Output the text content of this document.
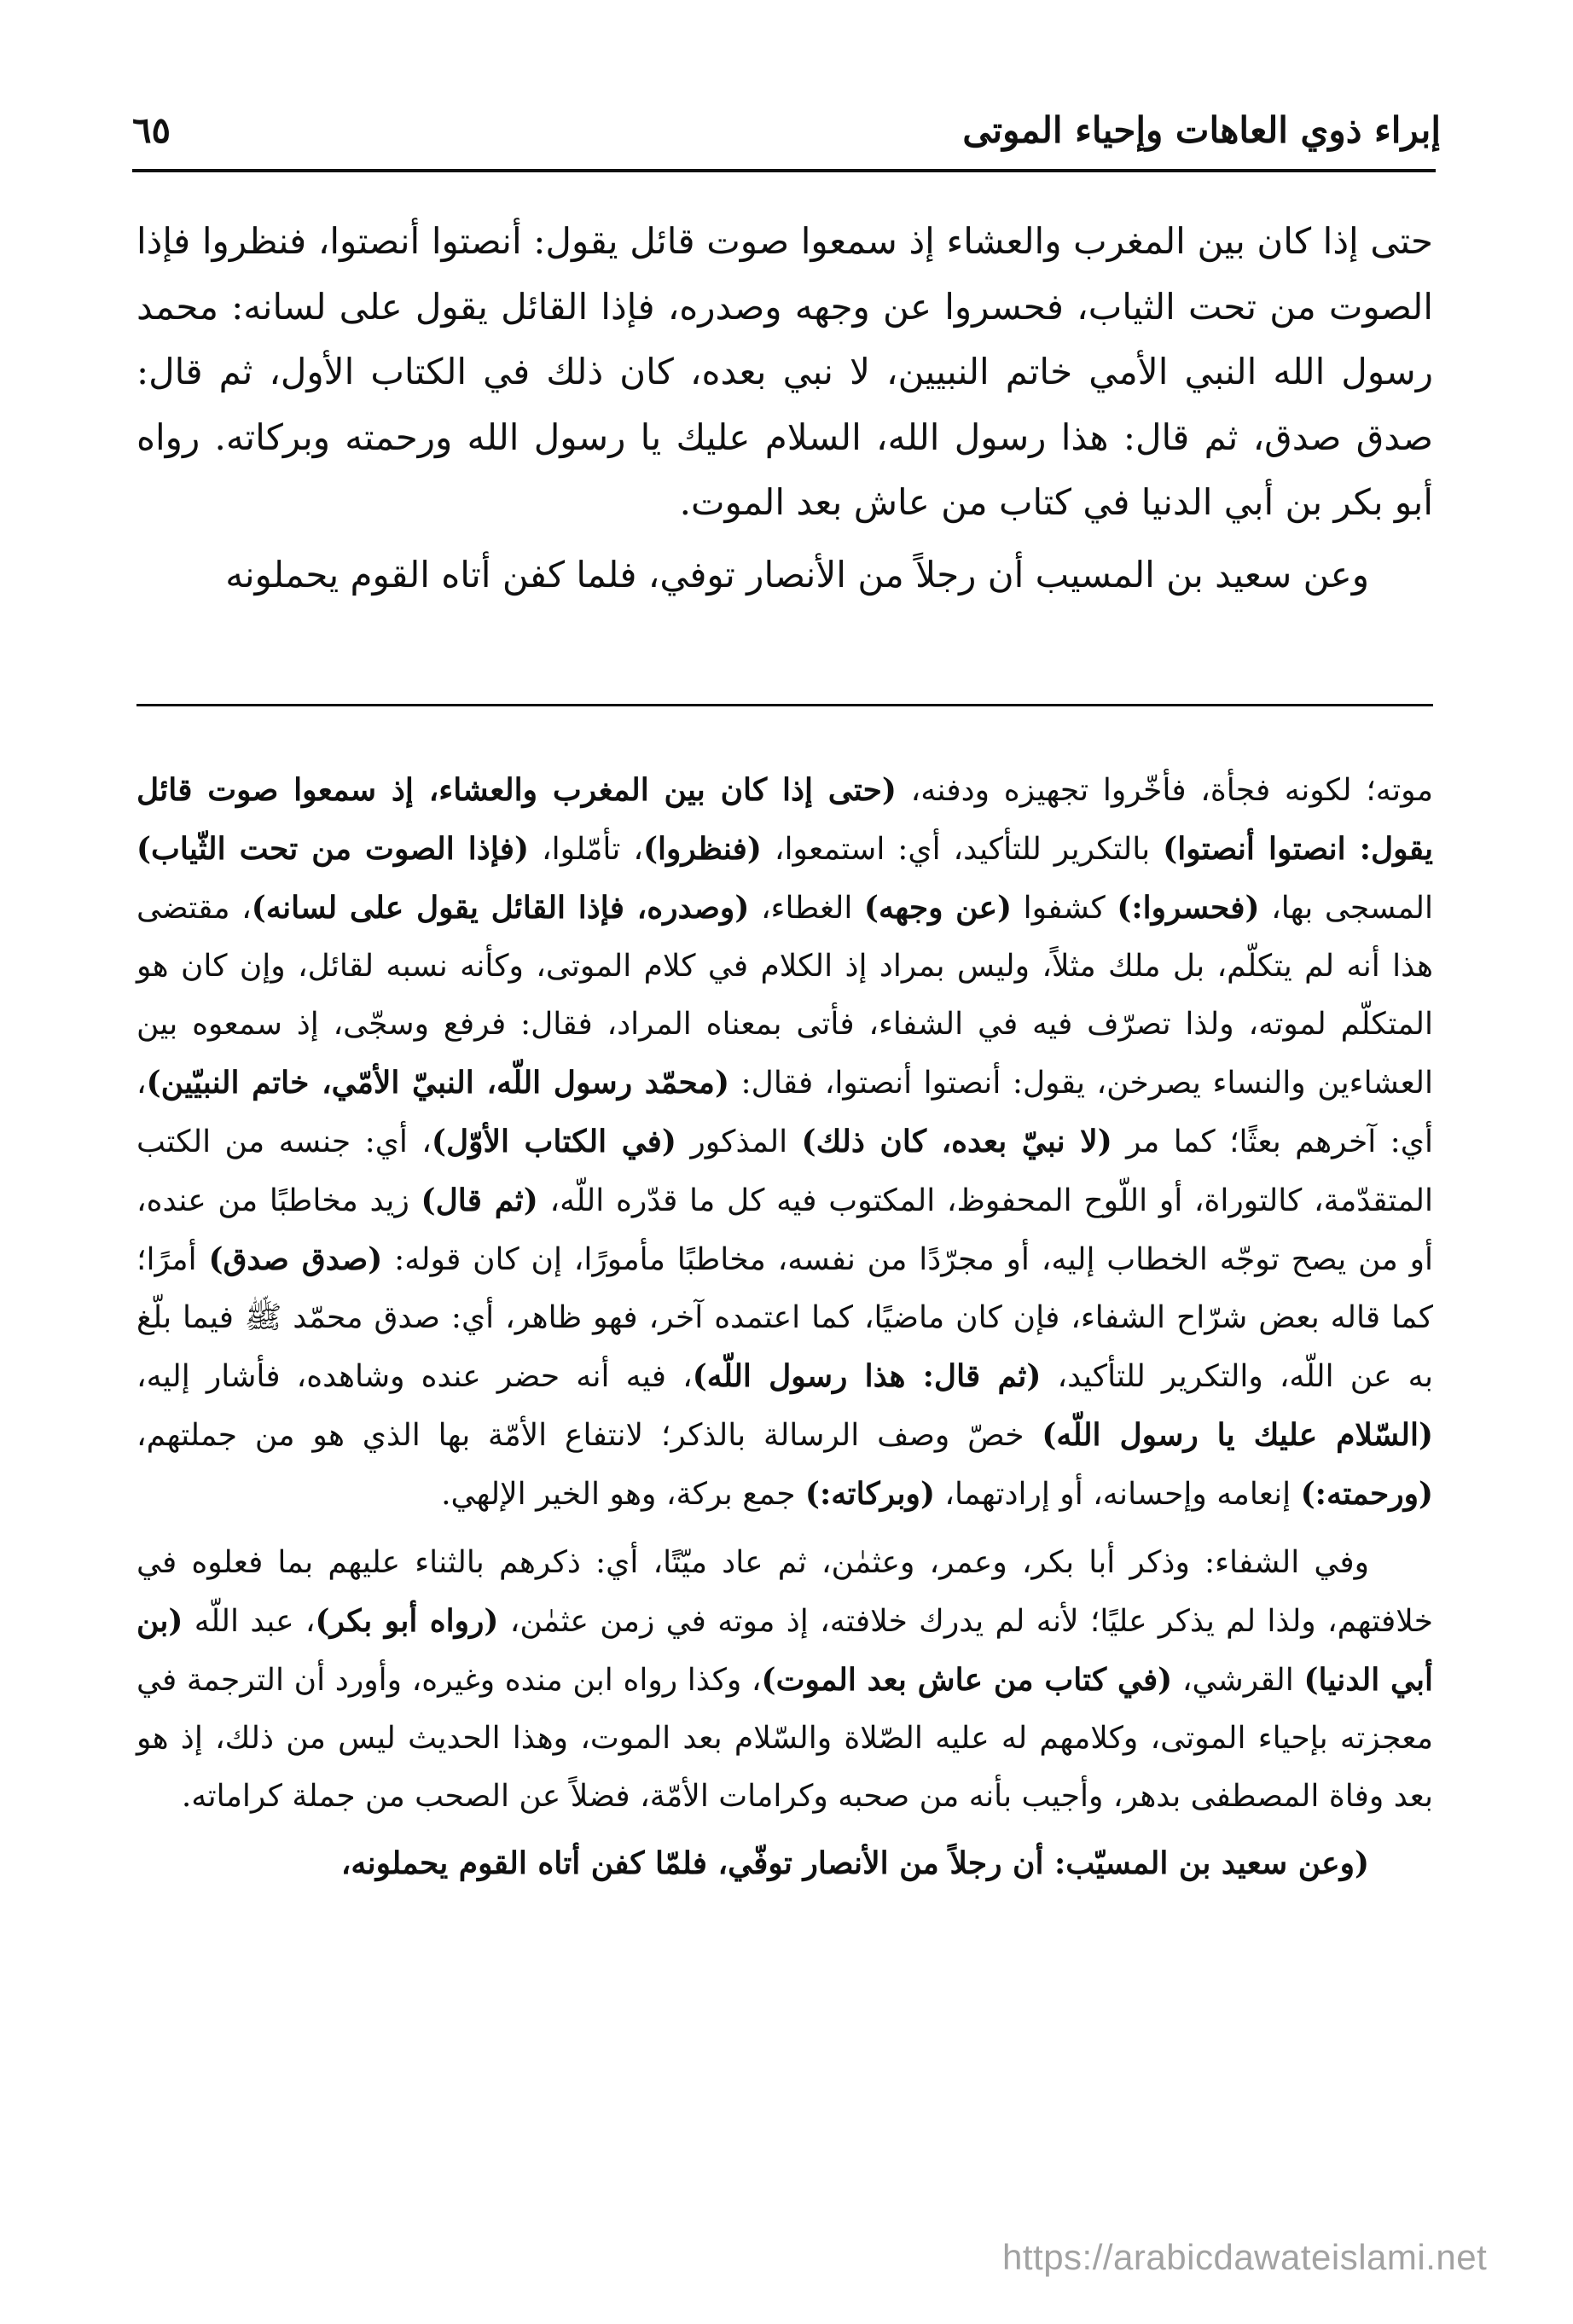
إبراء ذوي العاهات وإحياء الموتى
٦٥

حتى إذا كان بين المغرب والعشاء إذ سمعوا صوت قائل يقول: أنصتوا أنصتوا، فنظروا فإذا الصوت من تحت الثياب، فحسروا عن وجهه وصدره، فإذا القائل يقول على لسانه: محمد رسول الله النبي الأمي خاتم النبيين، لا نبي بعده، كان ذلك في الكتاب الأول، ثم قال: صدق صدق، ثم قال: هذا رسول الله، السلام عليك يا رسول الله ورحمته وبركاته. رواه أبو بكر بن أبي الدنيا في كتاب من عاش بعد الموت.

وعن سعيد بن المسيب أن رجلاً من الأنصار توفي، فلما كفن أتاه القوم يحملونه

موته؛ لكونه فجأة، فأخّروا تجهيزه ودفنه، (حتى إذا كان بين المغرب والعشاء، إذ سمعوا صوت قائل يقول: انصتوا أنصتوا) بالتكرير للتأكيد، أي: استمعوا، (فنظروا)، تأمّلوا، (فإذا الصوت من تحت الثّياب) المسجى بها، (فحسروا:) كشفوا (عن وجهه) الغطاء، (وصدره، فإذا القائل يقول على لسانه)، مقتضى هذا أنه لم يتكلّم، بل ملك مثلاً، وليس بمراد إذ الكلام في كلام الموتى، وكأنه نسبه لقائل، وإن كان هو المتكلّم لموته، ولذا تصرّف فيه في الشفاء، فأتى بمعناه المراد، فقال: فرفع وسجّى، إذ سمعوه بين العشاءين والنساء يصرخن، يقول: أنصتوا أنصتوا، فقال: (محمّد رسول اللّه، النبيّ الأمّي، خاتم النبيّين)، أي: آخرهم بعثًا؛ كما مر (لا نبيّ بعده، كان ذلك) المذكور (في الكتاب الأوّل)، أي: جنسه من الكتب المتقدّمة، كالتوراة، أو اللّوح المحفوظ، المكتوب فيه كل ما قدّره اللّه، (ثم قال) زيد مخاطبًا من عنده، أو من يصح توجّه الخطاب إليه، أو مجرّدًا من نفسه، مخاطبًا مأمورًا، إن كان قوله: (صدق صدق) أمرًا؛ كما قاله بعض شرّاح الشفاء، فإن كان ماضيًا، كما اعتمده آخر، فهو ظاهر، أي: صدق محمّد ﷺ فيما بلّغ به عن اللّه، والتكرير للتأكيد، (ثم قال: هذا رسول اللّه)، فيه أنه حضر عنده وشاهده، فأشار إليه، (السّلام عليك يا رسول اللّه) خصّ وصف الرسالة بالذكر؛ لانتفاع الأمّة بها الذي هو من جملتهم، (ورحمته:) إنعامه وإحسانه، أو إرادتهما، (وبركاته:) جمع بركة، وهو الخير الإلهي.

وفي الشفاء: وذكر أبا بكر، وعمر، وعثمٰن، ثم عاد ميّتًا، أي: ذكرهم بالثناء عليهم بما فعلوه في خلافتهم، ولذا لم يذكر عليًا؛ لأنه لم يدرك خلافته، إذ موته في زمن عثمٰن، (رواه أبو بكر)، عبد اللّه (بن أبي الدنيا) القرشي، (في كتاب من عاش بعد الموت)، وكذا رواه ابن منده وغيره، وأورد أن الترجمة في معجزته بإحياء الموتى، وكلامهم له عليه الصّلاة والسّلام بعد الموت، وهذا الحديث ليس من ذلك، إذ هو بعد وفاة المصطفى بدهر، وأجيب بأنه من صحبه وكرامات الأمّة، فضلاً عن الصحب من جملة كراماته.

(وعن سعيد بن المسيّب: أن رجلاً من الأنصار توفّي، فلمّا كفن أتاه القوم يحملونه،

https://arabicdawateislami.net
